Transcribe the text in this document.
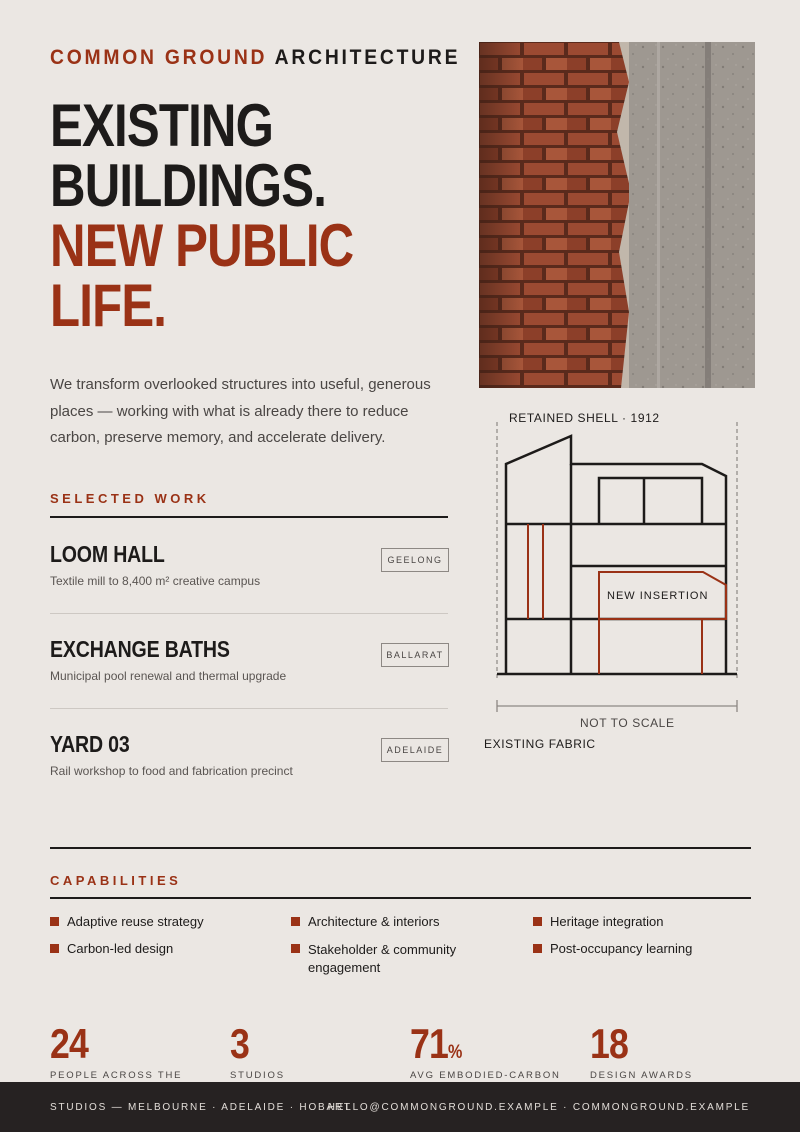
COMMON GROUND ARCHITECTURE
EXISTING
BUILDINGS.
NEW PUBLIC
LIFE.
We transform overlooked structures into useful, generous places — working with what is already there to reduce carbon, preserve memory, and accelerate delivery.
SELECTED WORK
LOOM HALL
Textile mill to 8,400 m² creative campus
GEELONG
EXCHANGE BATHS
Municipal pool renewal and thermal upgrade
BALLARAT
YARD 03
Rail workshop to food and fabrication precinct
ADELAIDE
RETAINED SHELL · 1912
NEW INSERTION
NOT TO SCALE
EXISTING FABRIC
CAPABILITIES
Adaptive reuse strategy
Carbon-led design
Architecture & interiors
Stakeholder & community engagement
Heritage integration
Post-occupancy learning
24
PEOPLE ACROSS THE
3
STUDIOS
71%
AVG EMBODIED-CARBON
18
DESIGN AWARDS
STUDIOS — MELBOURNE · ADELAIDE · HOBART
HELLO@COMMONGROUND.EXAMPLE · COMMONGROUND.EXAMPLE
